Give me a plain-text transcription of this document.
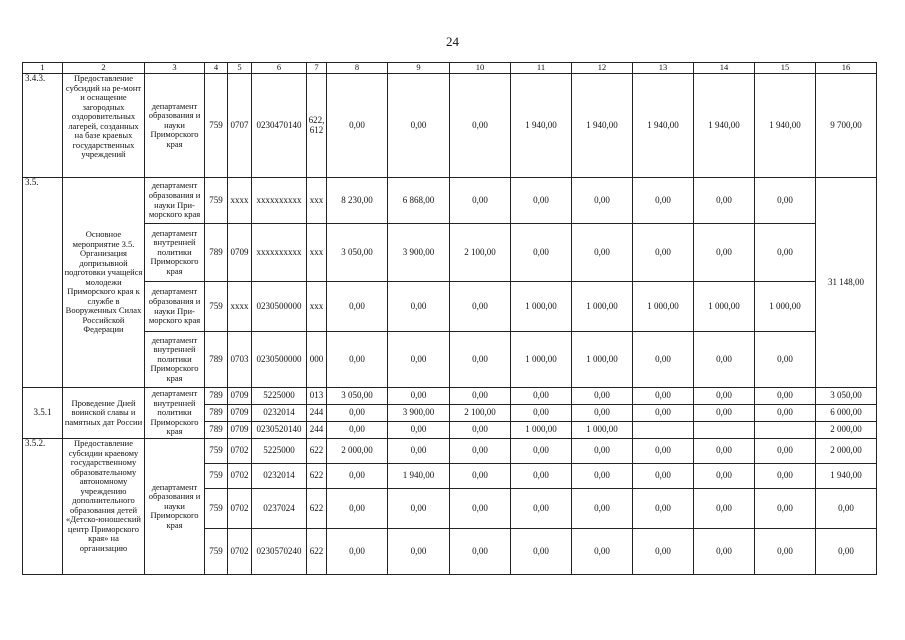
24
1	2	3	4	5	6	7	8	9	10	11	12	13	14	15	16
3.4.3.	Предоставление субсидий на ре-монт и оснащение загородных оздоровительных лагерей, созданных на базе краевых государственных учреждений	департамент образования и науки Приморского края	759	0707	0230470140	622, 612	0,00	0,00	0,00	1 940,00	1 940,00	1 940,00	1 940,00	1 940,00	9 700,00
3.5.	Основное мероприятие 3.5. Организация допризывной подготовки учащейся молодежи Приморского края к службе в Вооруженных Силах Российской Федерации	департамент образования и науки При-морского края	759	хххх	хххххххххх	ххх	8 230,00	6 868,00	0,00	0,00	0,00	0,00	0,00	0,00	31 148,00
		департамент внутренней политики Приморского края	789	0709	хххххххххх	ххх	3 050,00	3 900,00	2 100,00	0,00	0,00	0,00	0,00	0,00	
		департамент образования и науки При-морского края	759	хххх	0230500000	ххх	0,00	0,00	0,00	1 000,00	1 000,00	1 000,00	1 000,00	1 000,00	
		департамент внутренней политики Приморского края	789	0703	0230500000	000	0,00	0,00	0,00	1 000,00	1 000,00	0,00	0,00	0,00	
3.5.1	Проведение Дней воинской славы и памятных дат России	департамент внутренней политики Приморского края	789	0709	5225000	013	3 050,00	0,00	0,00	0,00	0,00	0,00	0,00	0,00	3 050,00
			789	0709	0232014	244	0,00	3 900,00	2 100,00	0,00	0,00	0,00	0,00	0,00	6 000,00
			789	0709	0230520140	244	0,00	0,00	0,00	1 000,00	1 000,00				2 000,00
3.5.2.	Предоставление субсидии краевому государственному образовательному автономному учреждению дополнительного образования детей «Детско-юношеский центр Приморского края» на организацию	департамент образования и науки Приморского края	759	0702	5225000	622	2 000,00	0,00	0,00	0,00	0,00	0,00	0,00	0,00	2 000,00
			759	0702	0232014	622	0,00	1 940,00	0,00	0,00	0,00	0,00	0,00	0,00	1 940,00
			759	0702	0237024	622	0,00	0,00	0,00	0,00	0,00	0,00	0,00	0,00	0,00
			759	0702	0230570240	622	0,00	0,00	0,00	0,00	0,00	0,00	0,00	0,00	0,00
